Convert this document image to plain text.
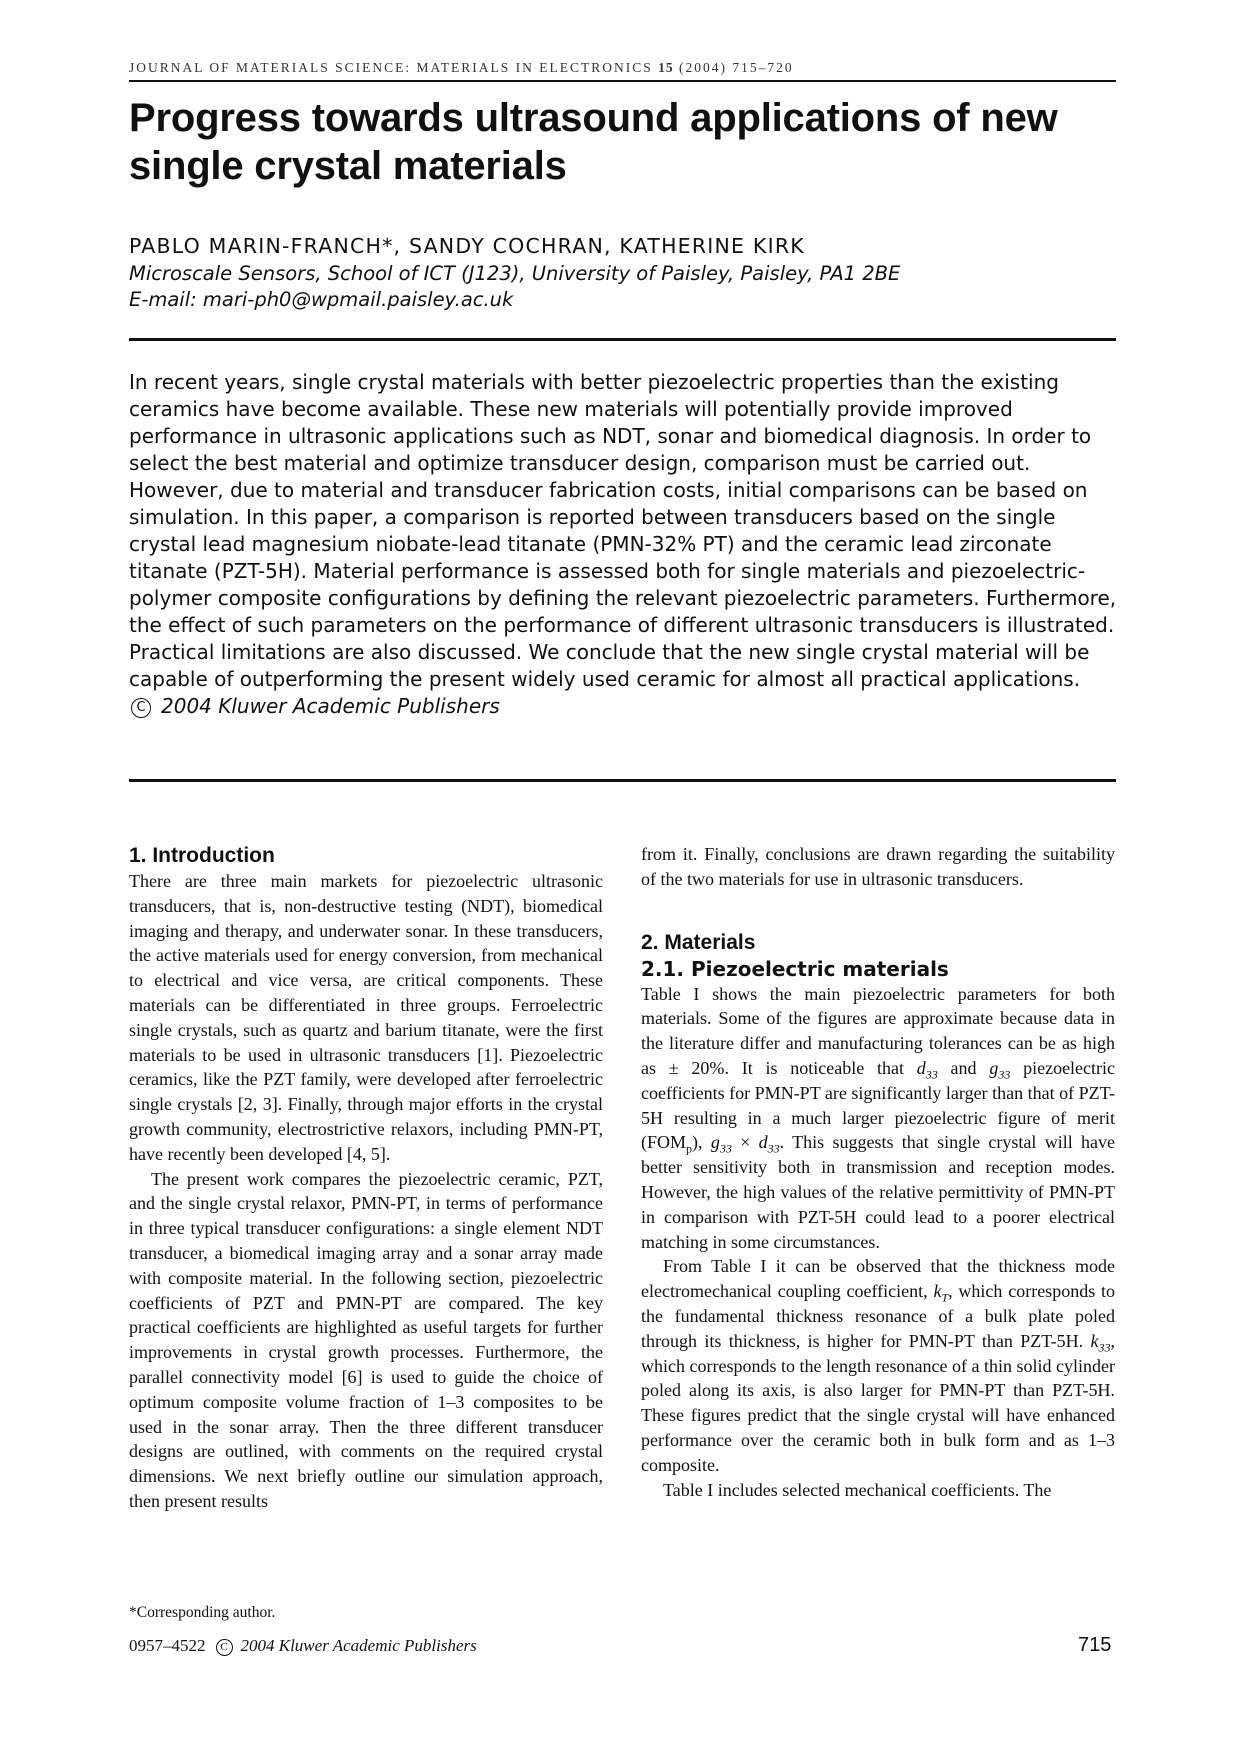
JOURNAL OF MATERIALS SCIENCE: MATERIALS IN ELECTRONICS 15 (2004) 715–720
Progress towards ultrasound applications of new
single crystal materials
PABLO MARIN-FRANCH*, SANDY COCHRAN, KATHERINE KIRK
Microscale Sensors, School of ICT (J123), University of Paisley, Paisley, PA1 2BE
E-mail: mari-ph0@wpmail.paisley.ac.uk

In recent years, single crystal materials with better piezoelectric properties than the existing ceramics have become available. These new materials will potentially provide improved performance in ultrasonic applications such as NDT, sonar and biomedical diagnosis. In order to select the best material and optimize transducer design, comparison must be carried out. However, due to material and transducer fabrication costs, initial comparisons can be based on simulation. In this paper, a comparison is reported between transducers based on the single crystal lead magnesium niobate-lead titanate (PMN-32% PT) and the ceramic lead zirconate titanate (PZT-5H). Material performance is assessed both for single materials and piezoelectric-polymer composite configurations by defining the relevant piezoelectric parameters. Furthermore, the effect of such parameters on the performance of different ultrasonic transducers is illustrated. Practical limitations are also discussed. We conclude that the new single crystal material will be capable of outperforming the present widely used ceramic for almost all practical applications.

C 2004 Kluwer Academic Publishers

1. Introduction

There are three main markets for piezoelectric ultrasonic transducers, that is, non-destructive testing (NDT), biomedical imaging and therapy, and underwater sonar. In these transducers, the active materials used for energy conversion, from mechanical to electrical and vice versa, are critical components. These materials can be differentiated in three groups. Ferroelectric single crystals, such as quartz and barium titanate, were the first materials to be used in ultrasonic transducers [1]. Piezoelectric ceramics, like the PZT family, were developed after ferroelectric single crystals [2, 3]. Finally, through major efforts in the crystal growth community, electrostrictive relaxors, including PMN-PT, have recently been developed [4, 5].

The present work compares the piezoelectric ceramic, PZT, and the single crystal relaxor, PMN-PT, in terms of performance in three typical transducer configurations: a single element NDT transducer, a biomedical imaging array and a sonar array made with composite material. In the following section, piezoelectric coefficients of PZT and PMN-PT are compared. The key practical coefficients are highlighted as useful targets for further improvements in crystal growth processes. Furthermore, the parallel connectivity model [6] is used to guide the choice of optimum composite volume fraction of 1–3 composites to be used in the sonar array. Then the three different transducer designs are outlined, with comments on the required crystal dimensions. We next briefly outline our simulation approach, then present results

from it. Finally, conclusions are drawn regarding the suitability of the two materials for use in ultrasonic transducers.

2. Materials
2.1. Piezoelectric materials

Table I shows the main piezoelectric parameters for both materials. Some of the figures are approximate because data in the literature differ and manufacturing tolerances can be as high as ± 20%. It is noticeable that $d_{33}$ and $g_{33}$ piezoelectric coefficients for PMN-PT are significantly larger than that of PZT-5H resulting in a much larger piezoelectric figure of merit $(FOM_p)$, $g_{33} \times d_{33}$. This suggests that single crystal will have better sensitivity both in transmission and reception modes. However, the high values of the relative permittivity of PMN-PT in comparison with PZT-5H could lead to a poorer electrical matching in some circumstances.

From Table I it can be observed that the thickness mode electromechanical coupling coefficient, $k_T$, which corresponds to the fundamental thickness resonance of a bulk plate poled through its thickness, is higher for PMN-PT than PZT-5H. $k_{33}$, which corresponds to the length resonance of a thin solid cylinder poled along its axis, is also larger for PMN-PT than PZT-5H. These figures predict that the single crystal will have enhanced performance over the ceramic both in bulk form and as 1–3 composite.

Table I includes selected mechanical coefficients. The

*Corresponding author.
0957–4522 C 2004 Kluwer Academic Publishers	715
